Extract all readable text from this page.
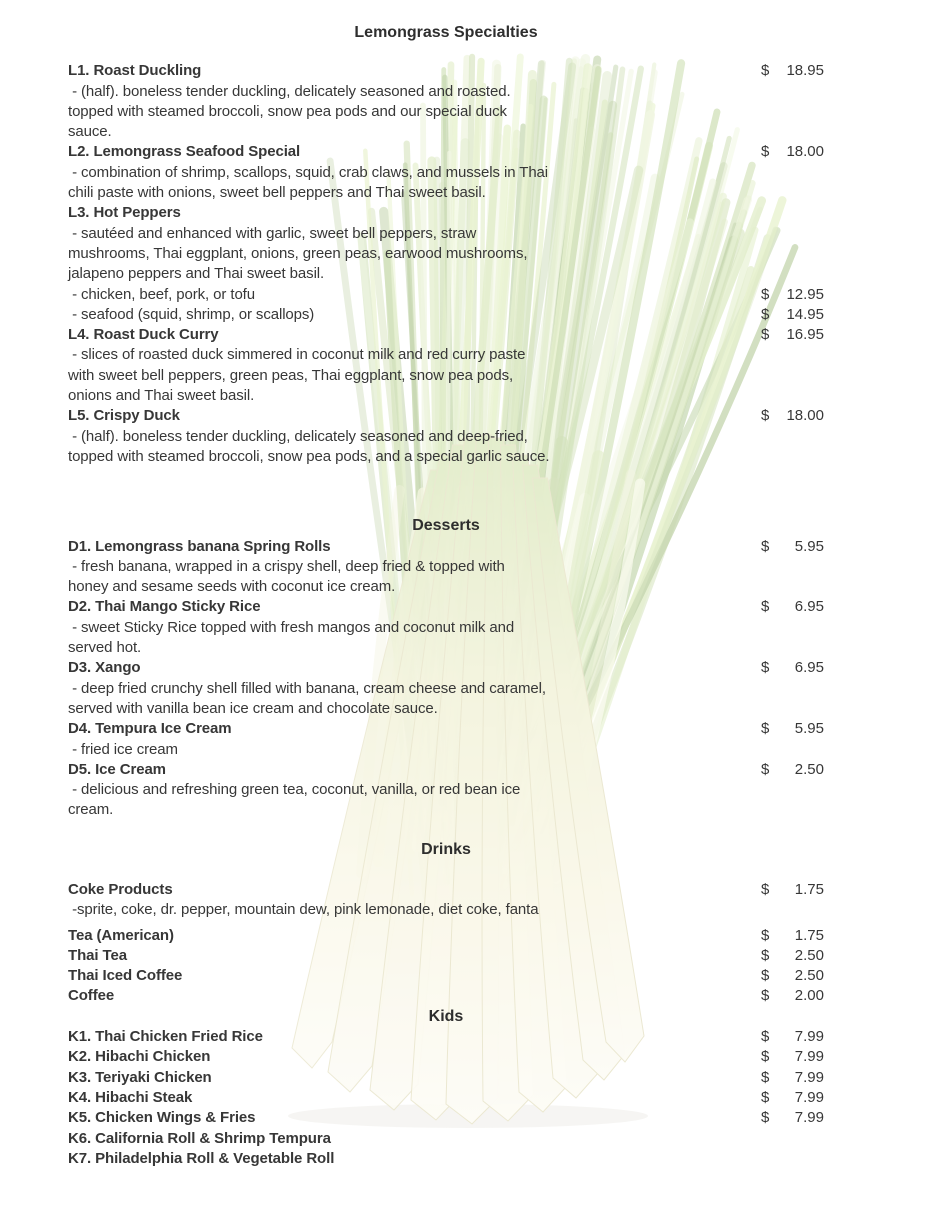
Lemongrass Specialties
L1. Roast Duckling	$ 18.95
- (half). boneless tender duckling, delicately seasoned and roasted.
topped with steamed broccoli, snow pea pods and our special duck
sauce.
L2. Lemongrass Seafood Special	$ 18.00
- combination of shrimp, scallops, squid, crab claws, and mussels in Thai
chili paste with onions, sweet bell peppers and Thai sweet basil.
L3. Hot Peppers
- sautéed and enhanced with garlic, sweet bell peppers, straw
mushrooms, Thai eggplant, onions, green peas, earwood mushrooms,
jalapeno peppers and Thai sweet basil.
- chicken, beef, pork, or tofu	$ 12.95
- seafood (squid, shrimp, or scallops)	$ 14.95
L4. Roast Duck Curry	$ 16.95
- slices of roasted duck simmered in coconut milk and red curry paste
with sweet bell peppers, green peas, Thai eggplant, snow pea pods,
onions and Thai sweet basil.
L5. Crispy Duck	$ 18.00
- (half). boneless tender duckling, delicately seasoned and deep-fried,
topped with steamed broccoli, snow pea pods, and a special garlic sauce.
Desserts
D1. Lemongrass banana Spring Rolls	$ 5.95
- fresh banana, wrapped in a crispy shell, deep fried & topped with
honey and sesame seeds with coconut ice cream.
D2. Thai Mango Sticky Rice	$ 6.95
- sweet Sticky Rice topped with fresh mangos and coconut milk and
served hot.
D3. Xango	$ 6.95
- deep fried crunchy shell filled with banana, cream cheese and caramel,
served with vanilla bean ice cream and chocolate sauce.
D4. Tempura Ice Cream	$ 5.95
- fried ice cream
D5. Ice Cream	$ 2.50
- delicious and refreshing green tea, coconut, vanilla, or red bean ice
cream.
Drinks
Coke Products	$ 1.75
-sprite, coke, dr. pepper, mountain dew, pink lemonade, diet coke, fanta
Tea (American)	$ 1.75
Thai Tea	$ 2.50
Thai Iced Coffee	$ 2.50
Coffee	$ 2.00
Kids
K1. Thai Chicken Fried Rice	$ 7.99
K2. Hibachi Chicken	$ 7.99
K3. Teriyaki Chicken	$ 7.99
K4. Hibachi Steak	$ 7.99
K5. Chicken Wings & Fries	$ 7.99
K6. California Roll & Shrimp Tempura
K7. Philadelphia Roll & Vegetable Roll
